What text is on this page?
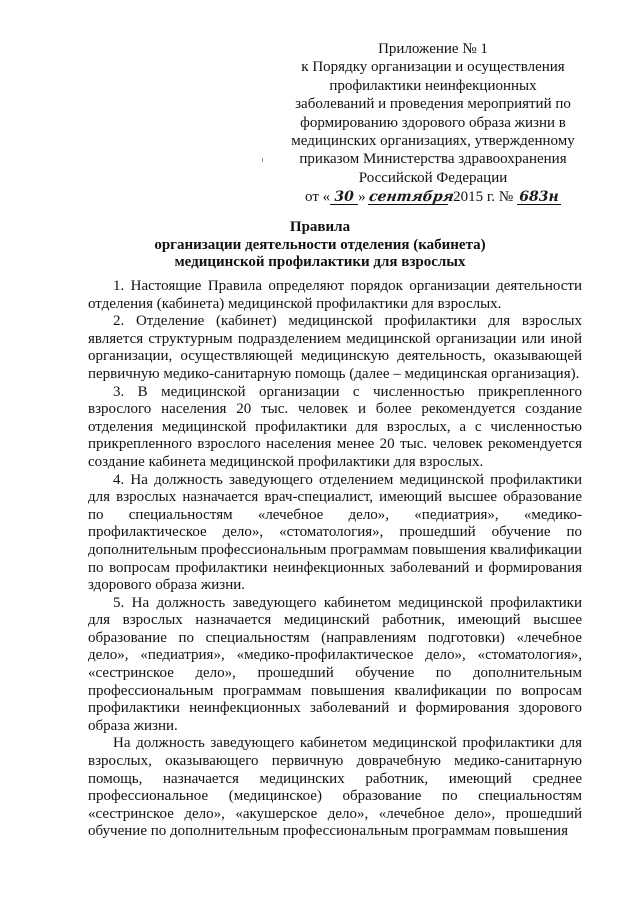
Приложение № 1
к Порядку организации и осуществления
профилактики неинфекционных
заболеваний и проведения мероприятий по
формированию здорового образа жизни в
медицинских организациях, утвержденному
приказом Министерства здравоохранения
Российской Федерации
от « 30 » сентября 2015 г. № 683н
Правила
организации деятельности отделения (кабинета)
медицинской профилактики для взрослых

1. Настоящие Правила определяют порядок организации деятельности отделения (кабинета) медицинской профилактики для взрослых.

2. Отделение (кабинет) медицинской профилактики для взрослых является структурным подразделением медицинской организации или иной организации, осуществляющей медицинскую деятельность, оказывающей первичную медико-санитарную помощь (далее – медицинская организация).

3. В медицинской организации с численностью прикрепленного взрослого населения 20 тыс. человек и более рекомендуется создание отделения медицинской профилактики для взрослых, а с численностью прикрепленного взрослого населения менее 20 тыс. человек рекомендуется создание кабинета медицинской профилактики для взрослых.

4. На должность заведующего отделением медицинской профилактики для взрослых назначается врач-специалист, имеющий высшее образование по специальностям «лечебное дело», «педиатрия», «медико-профилактическое дело», «стоматология», прошедший обучение по дополнительным профессиональным программам повышения квалификации по вопросам профилактики неинфекционных заболеваний и формирования здорового образа жизни.

5. На должность заведующего кабинетом медицинской профилактики для взрослых назначается медицинский работник, имеющий высшее образование по специальностям (направлениям подготовки) «лечебное дело», «педиатрия», «медико-профилактическое дело», «стоматология», «сестринское дело», прошедший обучение по дополнительным профессиональным программам повышения квалификации по вопросам профилактики неинфекционных заболеваний и формирования здорового образа жизни.

На должность заведующего кабинетом медицинской профилактики для взрослых, оказывающего первичную доврачебную медико-санитарную помощь, назначается медицинских работник, имеющий среднее профессиональное (медицинское) образование по специальностям «сестринское дело», «акушерское дело», «лечебное дело», прошедший обучение по дополнительным профессиональным программам повышения
